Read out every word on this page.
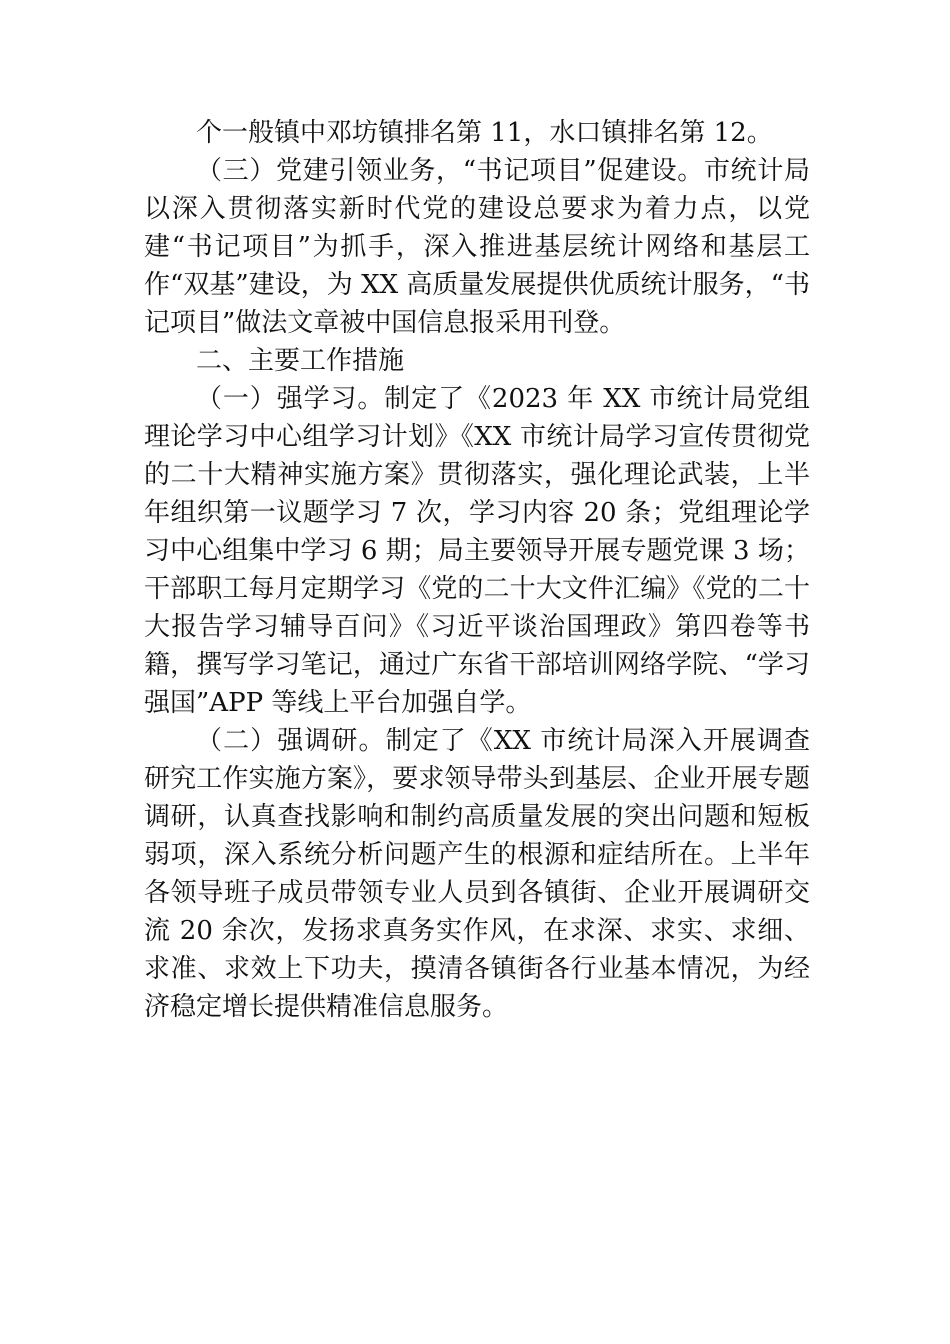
个一般镇中邓坊镇排名第 11，水口镇排名第 12。

（三）党建引领业务，“书记项目”促建设。市统计局以深入贯彻落实新时代党的建设总要求为着力点，以党建“书记项目”为抓手，深入推进基层统计网络和基层工作“双基”建设，为 XX 高质量发展提供优质统计服务，“书记项目”做法文章被中国信息报采用刊登。

二、主要工作措施

（一）强学习。制定了《2023 年 XX 市统计局党组理论学习中心组学习计划》《XX 市统计局学习宣传贯彻党的二十大精神实施方案》贯彻落实，强化理论武装，上半年组织第一议题学习 7 次，学习内容 20 条；党组理论学习中心组集中学习 6 期；局主要领导开展专题党课 3 场；干部职工每月定期学习《党的二十大文件汇编》《党的二十大报告学习辅导百问》《习近平谈治国理政》第四卷等书籍，撰写学习笔记，通过广东省干部培训网络学院、“学习强国”APP 等线上平台加强自学。

（二）强调研。制定了《XX 市统计局深入开展调查研究工作实施方案》，要求领导带头到基层、企业开展专题调研，认真查找影响和制约高质量发展的突出问题和短板弱项，深入系统分析问题产生的根源和症结所在。上半年各领导班子成员带领专业人员到各镇街、企业开展调研交流 20 余次，发扬求真务实作风，在求深、求实、求细、求准、求效上下功夫，摸清各镇街各行业基本情况，为经济稳定增长提供精准信息服务。
